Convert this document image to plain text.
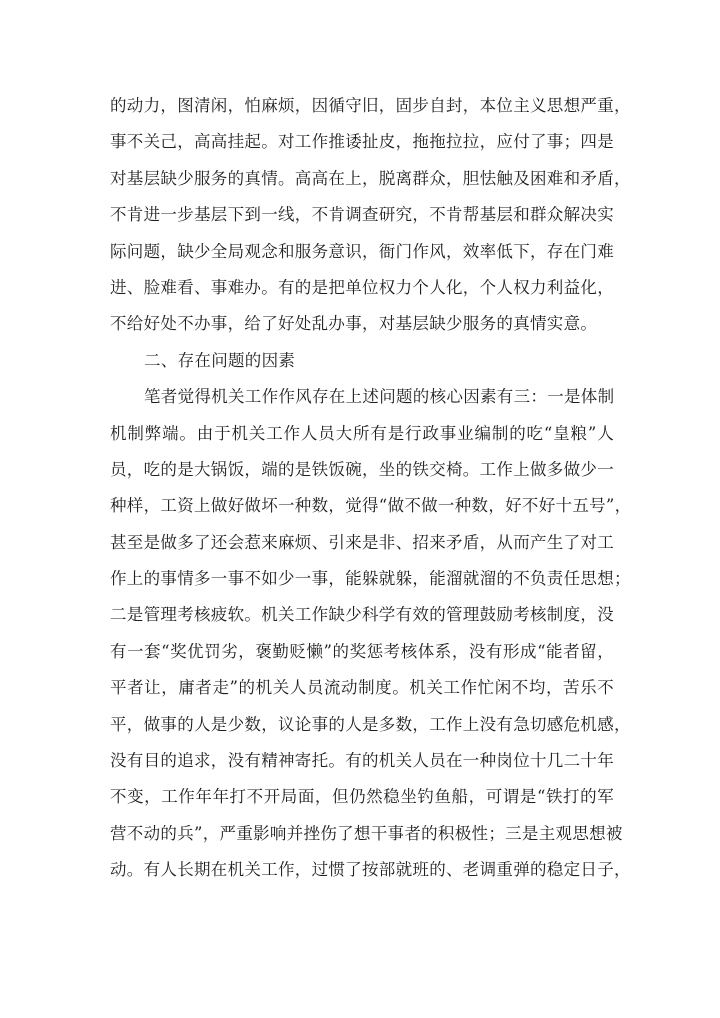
的动力，图清闲，怕麻烦，因循守旧，固步自封，本位主义思想严重，
事不关己，高高挂起。对工作推诿扯皮，拖拖拉拉，应付了事；四是
对基层缺少服务的真情。高高在上，脱离群众，胆怯触及困难和矛盾，
不肯进一步基层下到一线，不肯调查研究，不肯帮基层和群众解决实
际问题，缺少全局观念和服务意识，衙门作风，效率低下，存在门难
进、脸难看、事难办。有的是把单位权力个人化，个人权力利益化，
不给好处不办事，给了好处乱办事，对基层缺少服务的真情实意。
二、存在问题的因素
笔者觉得机关工作作风存在上述问题的核心因素有三：一是体制
机制弊端。由于机关工作人员大所有是行政事业编制的吃“皇粮”人
员，吃的是大锅饭，端的是铁饭碗，坐的铁交椅。工作上做多做少一
种样，工资上做好做坏一种数，觉得“做不做一种数，好不好十五号”，
甚至是做多了还会惹来麻烦、引来是非、招来矛盾，从而产生了对工
作上的事情多一事不如少一事，能躲就躲，能溜就溜的不负责任思想；
二是管理考核疲软。机关工作缺少科学有效的管理鼓励考核制度，没
有一套“奖优罚劣，褒勤贬懒”的奖惩考核体系，没有形成“能者留，
平者让，庸者走”的机关人员流动制度。机关工作忙闲不均，苦乐不
平，做事的人是少数，议论事的人是多数，工作上没有急切感危机感，
没有目的追求，没有精神寄托。有的机关人员在一种岗位十几二十年
不变，工作年年打不开局面，但仍然稳坐钓鱼船，可谓是“铁打的军
营不动的兵”，严重影响并挫伤了想干事者的积极性；三是主观思想被
动。有人长期在机关工作，过惯了按部就班的、老调重弹的稳定日子，
